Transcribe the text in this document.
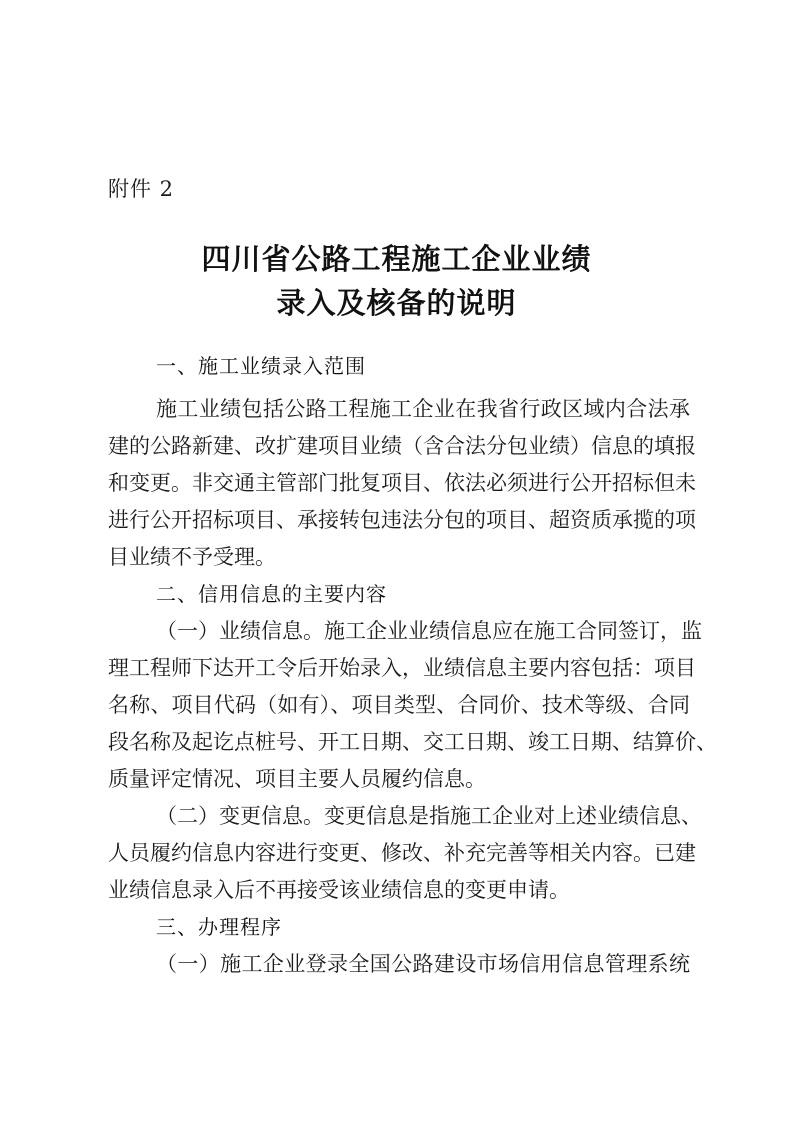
附件 2
四川省公路工程施工企业业绩
录入及核备的说明
一、施工业绩录入范围
施工业绩包括公路工程施工企业在我省行政区域内合法承
建的公路新建、改扩建项目业绩（含合法分包业绩）信息的填报
和变更。非交通主管部门批复项目、依法必须进行公开招标但未
进行公开招标项目、承接转包违法分包的项目、超资质承揽的项
目业绩不予受理。
二、信用信息的主要内容
（一）业绩信息。施工企业业绩信息应在施工合同签订，监
理工程师下达开工令后开始录入，业绩信息主要内容包括：项目
名称、项目代码（如有）、项目类型、合同价、技术等级、合同
段名称及起讫点桩号、开工日期、交工日期、竣工日期、结算价、
质量评定情况、项目主要人员履约信息。
（二）变更信息。变更信息是指施工企业对上述业绩信息、
人员履约信息内容进行变更、修改、补充完善等相关内容。已建
业绩信息录入后不再接受该业绩信息的变更申请。
三、办理程序
（一）施工企业登录全国公路建设市场信用信息管理系统
